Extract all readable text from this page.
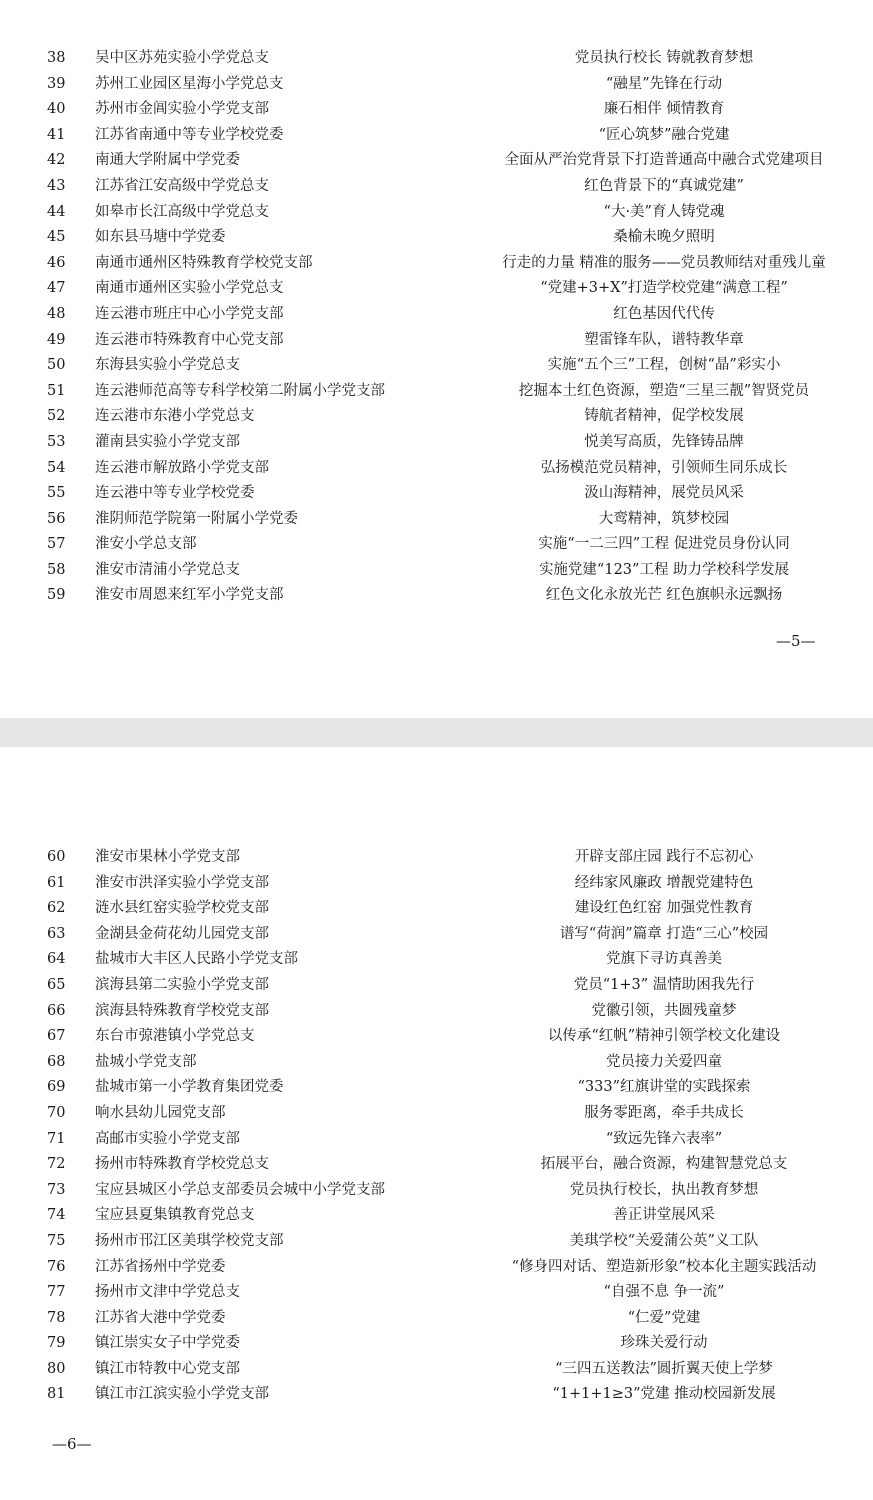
38	吴中区苏苑实验小学党总支	党员执行校长 铸就教育梦想
39	苏州工业园区星海小学党总支	“融星”先锋在行动
40	苏州市金阊实验小学党支部	廉石相伴 倾情教育
41	江苏省南通中等专业学校党委	“匠心筑梦”融合党建
42	南通大学附属中学党委	全面从严治党背景下打造普通高中融合式党建项目
43	江苏省江安高级中学党总支	红色背景下的“真诚党建”
44	如皋市长江高级中学党总支	“大·美”育人铸党魂
45	如东县马塘中学党委	桑榆未晚夕照明
46	南通市通州区特殊教育学校党支部	行走的力量 精准的服务——党员教师结对重残儿童
47	南通市通州区实验小学党总支	“党建+3+X”打造学校党建“满意工程”
48	连云港市班庄中心小学党支部	红色基因代代传
49	连云港市特殊教育中心党支部	塑雷锋车队，谱特教华章
50	东海县实验小学党总支	实施“五个三”工程，创树“晶”彩实小
51	连云港师范高等专科学校第二附属小学党支部	挖掘本土红色资源，塑造“三星三靓”智贤党员
52	连云港市东港小学党总支	铸航者精神，促学校发展
53	灌南县实验小学党支部	悦美写高质，先锋铸品牌
54	连云港市解放路小学党支部	弘扬模范党员精神，引领师生同乐成长
55	连云港中等专业学校党委	汲山海精神，展党员风采
56	淮阴师范学院第一附属小学党委	大鸾精神，筑梦校园
57	淮安小学总支部	实施“一二三四”工程 促进党员身份认同
58	淮安市清浦小学党总支	实施党建“123”工程 助力学校科学发展
59	淮安市周恩来红军小学党支部	红色文化永放光芒 红色旗帜永远飘扬
—5—
60	淮安市果林小学党支部	开辟支部庄园 践行不忘初心
61	淮安市洪泽实验小学党支部	经纬家风廉政 增靓党建特色
62	涟水县红窑实验学校党支部	建设红色红窑 加强党性教育
63	金湖县金荷花幼儿园党支部	谱写“荷润”篇章 打造“三心”校园
64	盐城市大丰区人民路小学党支部	党旗下寻访真善美
65	滨海县第二实验小学党支部	党员“1+3” 温情助困我先行
66	滨海县特殊教育学校党支部	党徽引领，共圆残童梦
67	东台市弶港镇小学党总支	以传承“红帆”精神引领学校文化建设
68	盐城小学党支部	党员接力关爱四童
69	盐城市第一小学教育集团党委	“333”红旗讲堂的实践探索
70	响水县幼儿园党支部	服务零距离，牵手共成长
71	高邮市实验小学党支部	“致远先锋六表率”
72	扬州市特殊教育学校党总支	拓展平台，融合资源，构建智慧党总支
73	宝应县城区小学总支部委员会城中小学党支部	党员执行校长，执出教育梦想
74	宝应县夏集镇教育党总支	善正讲堂展风采
75	扬州市邗江区美琪学校党支部	美琪学校“关爱蒲公英”义工队
76	江苏省扬州中学党委	“修身四对话、塑造新形象”校本化主题实践活动
77	扬州市文津中学党总支	“自强不息 争一流”
78	江苏省大港中学党委	“仁爱”党建
79	镇江崇实女子中学党委	珍珠关爱行动
80	镇江市特教中心党支部	“三四五送教法”圆折翼天使上学梦
81	镇江市江滨实验小学党支部	“1+1+1≥3”党建 推动校园新发展
—6—
